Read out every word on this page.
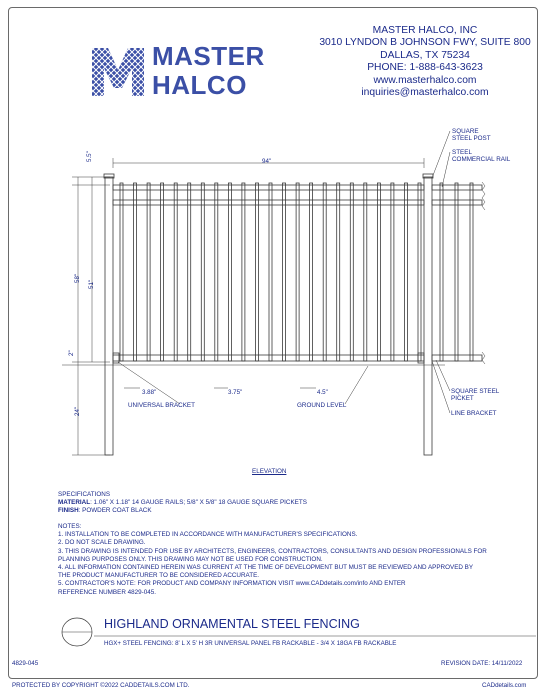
MASTER
HALCO
MASTER HALCO, INC
3010 LYNDON B JOHNSON FWY, SUITE 800
DALLAS, TX 75234
PHONE: 1-888-643-3623
www.masterhalco.com
inquiries@masterhalco.com
94"
5.5"
58"
51"
2"
24"
3.88"	3.75"	4.5"
SQUARE
STEEL POST
STEEL
COMMERCIAL RAIL
SQUARE STEEL
PICKET
LINE BRACKET
UNIVERSAL BRACKET	GROUND LEVEL
ELEVATION
SPECIFICATIONS
MATERIAL: 1.06" X 1.18" 14 GAUGE RAILS; 5/8" X 5/8" 18 GAUGE SQUARE PICKETS
FINISH: POWDER COAT BLACK
NOTES:
1. INSTALLATION TO BE COMPLETED IN ACCORDANCE WITH MANUFACTURER'S SPECIFICATIONS.
2. DO NOT SCALE DRAWING.
3. THIS DRAWING IS INTENDED FOR USE BY ARCHITECTS, ENGINEERS, CONTRACTORS, CONSULTANTS AND DESIGN PROFESSIONALS FOR
PLANNING PURPOSES ONLY. THIS DRAWING MAY NOT BE USED FOR CONSTRUCTION.
4. ALL INFORMATION CONTAINED HEREIN WAS CURRENT AT THE TIME OF DEVELOPMENT BUT MUST BE REVIEWED AND APPROVED BY
THE PRODUCT MANUFACTURER TO BE CONSIDERED ACCURATE.
5. CONTRACTOR'S NOTE: FOR PRODUCT AND COMPANY INFORMATION VISIT www.CADdetails.com/info AND ENTER
REFERENCE NUMBER 4829-045.
HIGHLAND ORNAMENTAL STEEL FENCING
HGX+ STEEL FENCING: 8' L X 5' H 3R UNIVERSAL PANEL FB RACKABLE - 3/4 X 18GA FB RACKABLE
4829-045	REVISION DATE: 14/11/2022
PROTECTED BY COPYRIGHT ©2022 CADDETAILS.COM LTD.	CADdetails.com
